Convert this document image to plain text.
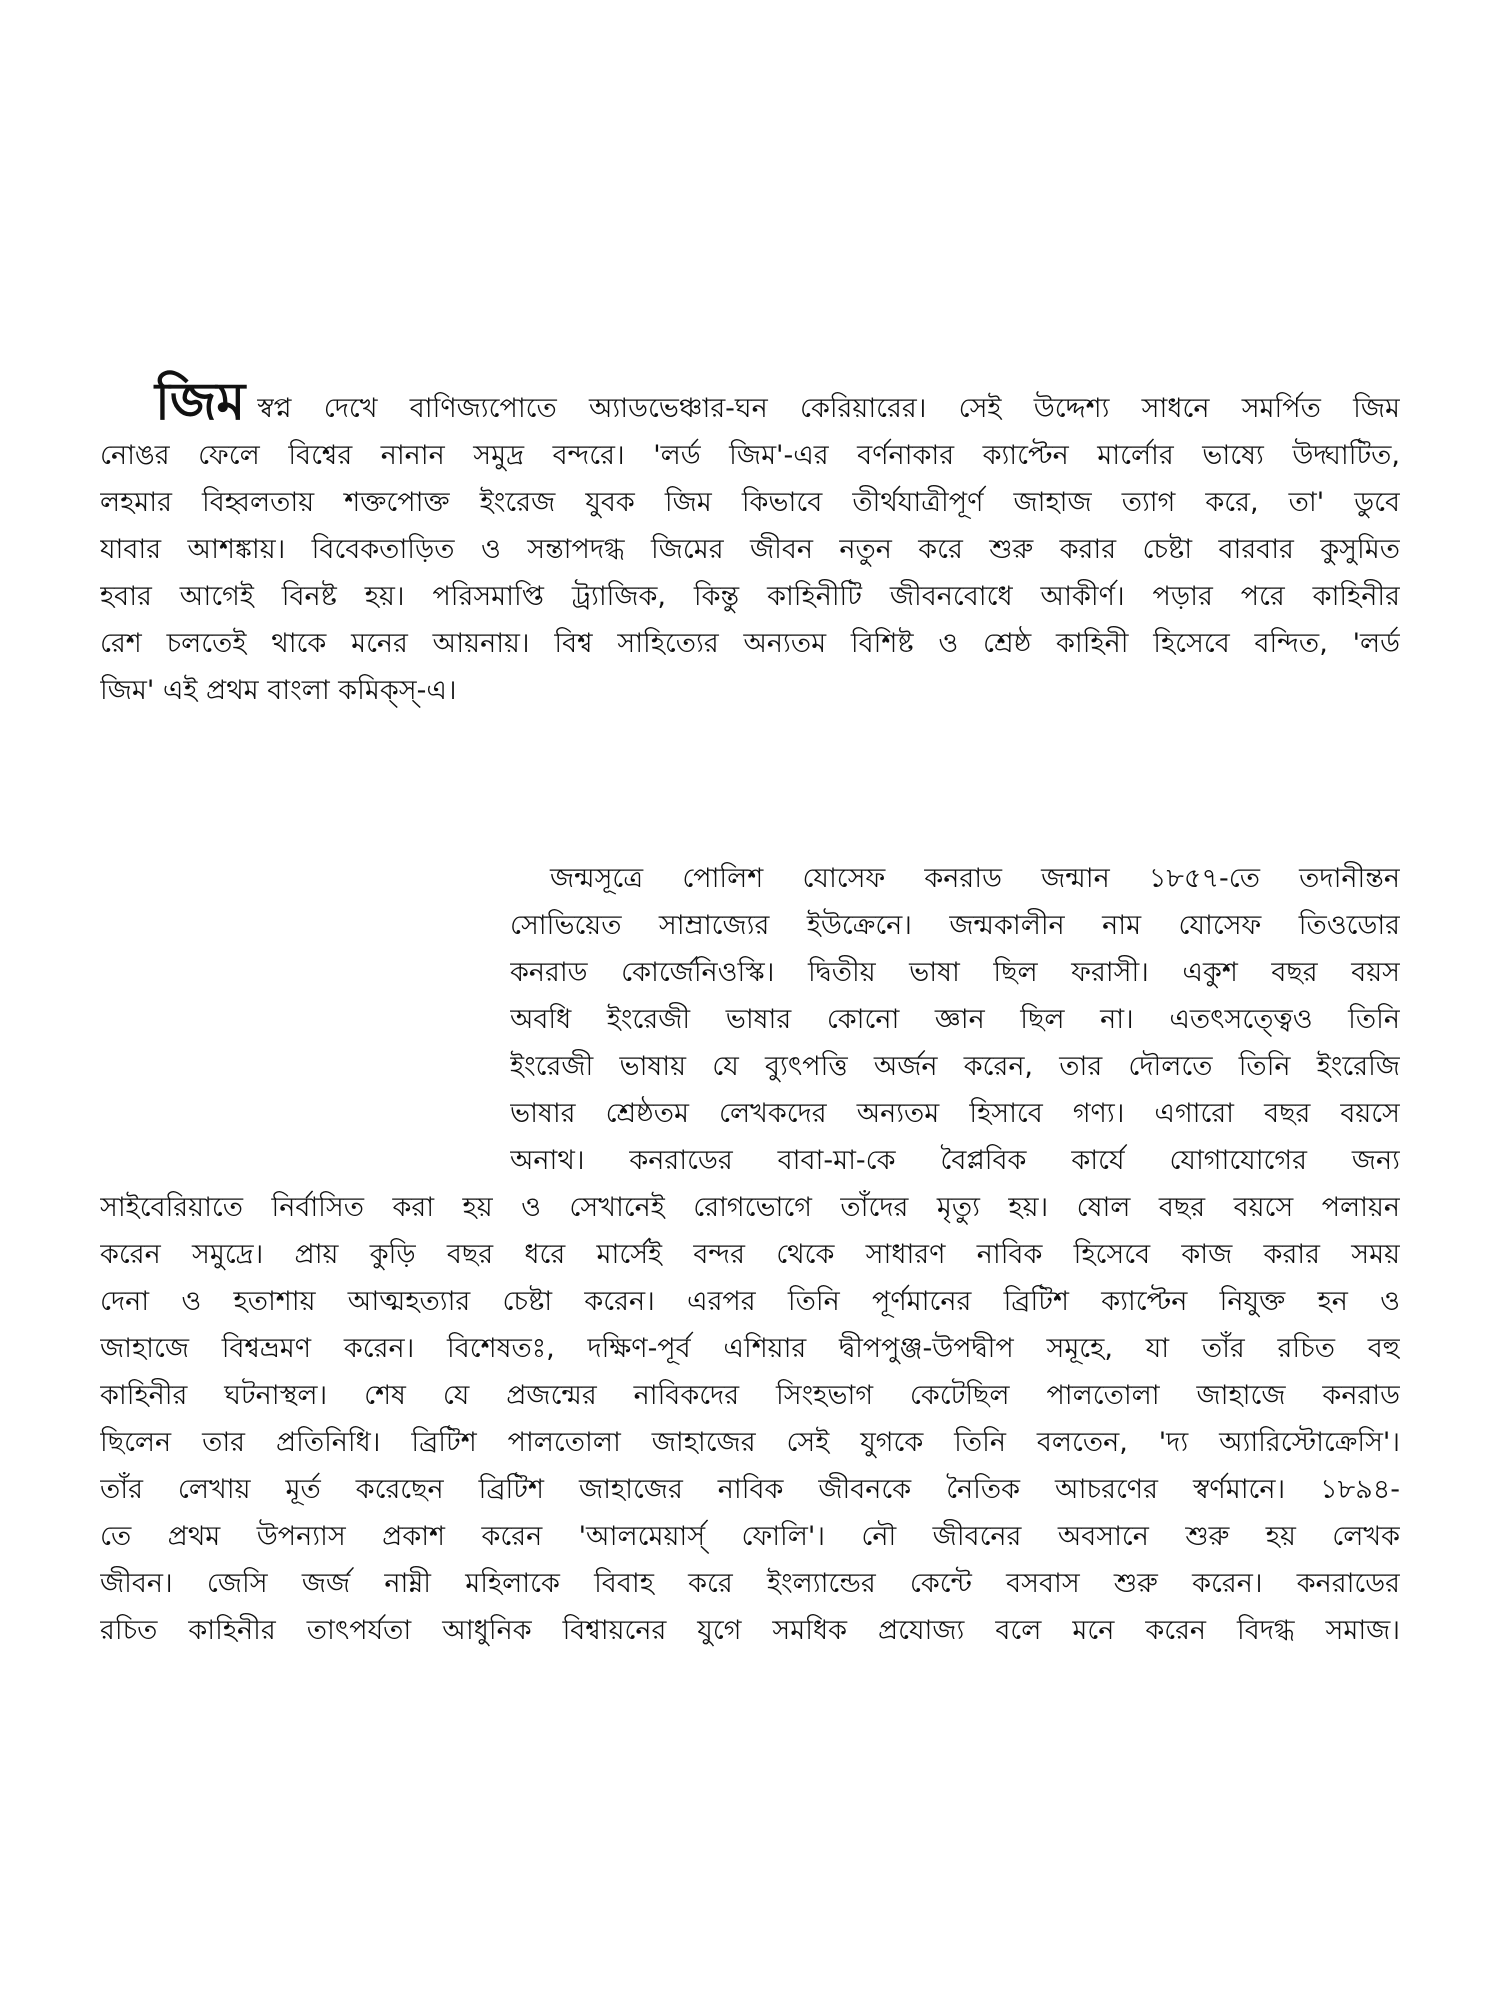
জিম স্বপ্ন দেখে বাণিজ্যপোতে অ্যাডভেঞ্চার-ঘন কেরিয়ারের। সেই উদ্দেশ্য সাধনে সমর্পিত জিম
নোঙর ফেলে বিশ্বের নানান সমুদ্র বন্দরে। 'লর্ড জিম'-এর বর্ণনাকার ক্যাপ্টেন মার্লোর ভাষ্যে উদ্ঘাটিত,
লহমার বিহ্বলতায় শক্তপোক্ত ইংরেজ যুবক জিম কিভাবে তীর্থযাত্রীপূর্ণ জাহাজ ত্যাগ করে, তা' ডুবে
যাবার আশঙ্কায়। বিবেকতাড়িত ও সন্তাপদগ্ধ জিমের জীবন নতুন করে শুরু করার চেষ্টা বারবার কুসুমিত
হবার আগেই বিনষ্ট হয়। পরিসমাপ্তি ট্র্যাজিক, কিন্তু কাহিনীটি জীবনবোধে আকীর্ণ। পড়ার পরে কাহিনীর
রেশ চলতেই থাকে মনের আয়নায়। বিশ্ব সাহিত্যের অন্যতম বিশিষ্ট ও শ্রেষ্ঠ কাহিনী হিসেবে বন্দিত, 'লর্ড
জিম' এই প্রথম বাংলা কমিক্স্-এ।
জন্মসূত্রে পোলিশ যোসেফ কনরাড জন্মান ১৮৫৭-তে তদানীন্তন
সোভিয়েত সাম্রাজ্যের ইউক্রেনে। জন্মকালীন নাম যোসেফ তিওডোর
কনরাড কোর্জেনিওস্কি। দ্বিতীয় ভাষা ছিল ফরাসী। একুশ বছর বয়স
অবধি ইংরেজী ভাষার কোনো জ্ঞান ছিল না। এতৎসত্ত্বেও তিনি
ইংরেজী ভাষায় যে ব্যুৎপত্তি অর্জন করেন, তার দৌলতে তিনি ইংরেজি
ভাষার শ্রেষ্ঠতম লেখকদের অন্যতম হিসাবে গণ্য। এগারো বছর বয়সে
অনাথ। কনরাডের বাবা-মা-কে বৈপ্লবিক কার্যে যোগাযোগের জন্য
সাইবেরিয়াতে নির্বাসিত করা হয় ও সেখানেই রোগভোগে তাঁদের মৃত্যু হয়। ষোল বছর বয়সে পলায়ন
করেন সমুদ্রে। প্রায় কুড়ি বছর ধরে মার্সেই বন্দর থেকে সাধারণ নাবিক হিসেবে কাজ করার সময়
দেনা ও হতাশায় আত্মহত্যার চেষ্টা করেন। এরপর তিনি পূর্ণমানের ব্রিটিশ ক্যাপ্টেন নিযুক্ত হন ও
জাহাজে বিশ্বভ্রমণ করেন। বিশেষতঃ, দক্ষিণ-পূর্ব এশিয়ার দ্বীপপুঞ্জ-উপদ্বীপ সমূহে, যা তাঁর রচিত বহু
কাহিনীর ঘটনাস্থল। শেষ যে প্রজন্মের নাবিকদের সিংহভাগ কেটেছিল পালতোলা জাহাজে কনরাড
ছিলেন তার প্রতিনিধি। ব্রিটিশ পালতোলা জাহাজের সেই যুগকে তিনি বলতেন, 'দ্য অ্যারিস্টোক্রেসি'।
তাঁর লেখায় মূর্ত করেছেন ব্রিটিশ জাহাজের নাবিক জীবনকে নৈতিক আচরণের স্বর্ণমানে। ১৮৯৪-
তে প্রথম উপন্যাস প্রকাশ করেন 'আলমেয়ার্স্ ফোলি'। নৌ জীবনের অবসানে শুরু হয় লেখক
জীবন। জেসি জর্জ নাম্নী মহিলাকে বিবাহ করে ইংল্যান্ডের কেন্টে বসবাস শুরু করেন। কনরাডের
রচিত কাহিনীর তাৎপর্যতা আধুনিক বিশ্বায়নের যুগে সমধিক প্রযোজ্য বলে মনে করেন বিদগ্ধ সমাজ।
